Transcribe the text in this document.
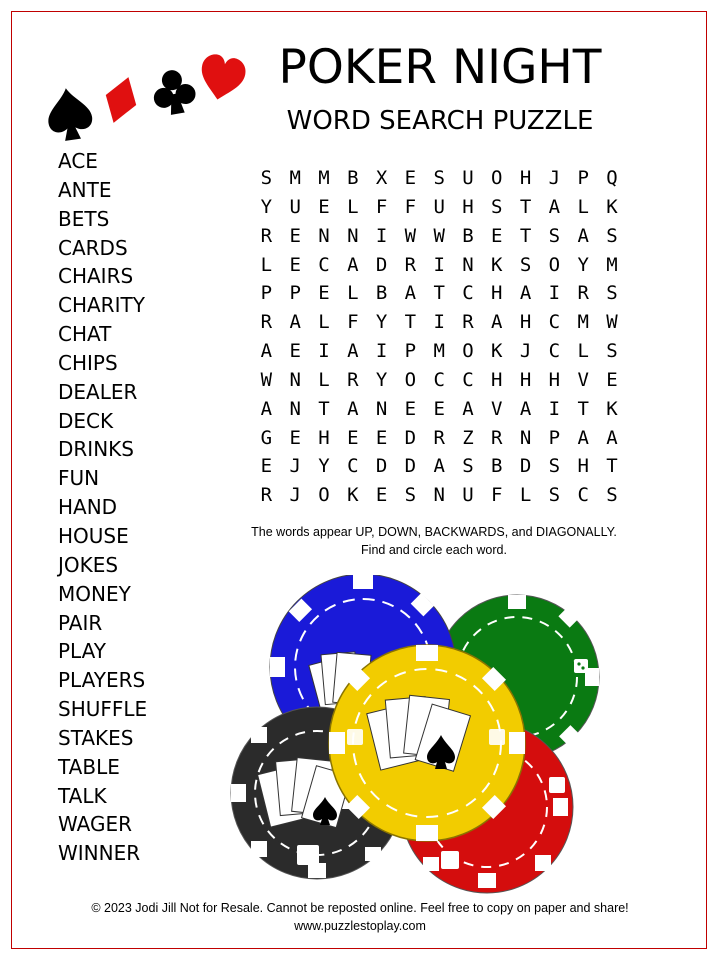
POKER NIGHT
WORD SEARCH PUZZLE
ACE
ANTE
BETS
CARDS
CHAIRS
CHARITY
CHAT
CHIPS
DEALER
DECK
DRINKS
FUN
HAND
HOUSE
JOKES
MONEY
PAIR
PLAY
PLAYERS
SHUFFLE
STAKES
TABLE
TALK
WAGER
WINNER
S M M B X E S U O H J P Q
Y U E L F F U H S T A L K
R E N N I W W B E T S A S
L E C A D R I N K S O Y M
P P E L B A T C H A I R S
R A L F Y T I R A H C M W
A E I A I P M O K J C L S
W N L R Y O C C H H H V E
A N T A N E E A V A I T K
G E H E E D R Z R N P A A
E J Y C D D A S B D S H T
R J O K E S N U F L S C S
The words appear UP, DOWN, BACKWARDS, and DIAGONALLY.
Find and circle each word.
© 2023 Jodi Jill Not for Resale. Cannot be reposted online. Feel free to copy on paper and share!
www.puzzlestoplay.com
